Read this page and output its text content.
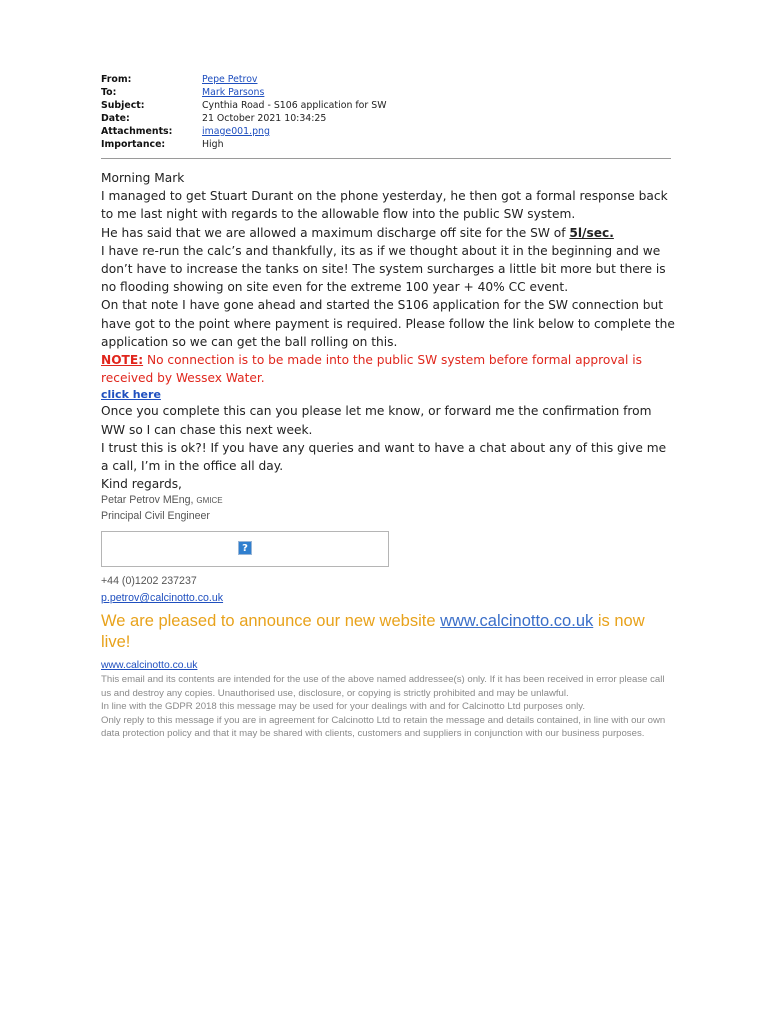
From:	Pepe Petrov
To:	Mark Parsons
Subject:	Cynthia Road - S106 application for SW
Date:	21 October 2021 10:34:25
Attachments:	image001.png
Importance:	High

Morning Mark

I managed to get Stuart Durant on the phone yesterday, he then got a formal response back to me last night with regards to the allowable flow into the public SW system.

He has said that we are allowed a maximum discharge off site for the SW of 5l/sec.

I have re-run the calc’s and thankfully, its as if we thought about it in the beginning and we don’t have to increase the tanks on site! The system surcharges a little bit more but there is no flooding showing on site even for the extreme 100 year + 40% CC event.

On that note I have gone ahead and started the S106 application for the SW connection but have got to the point where payment is required. Please follow the link below to complete the application so we can get the ball rolling on this.

NOTE: No connection is to be made into the public SW system before formal approval is received by Wessex Water.

click here

Once you complete this can you please let me know, or forward me the confirmation from WW so I can chase this next week.

I trust this is ok?! If you have any queries and want to have a chat about any of this give me a call, I’m in the office all day.

Kind regards,

Petar Petrov MEng, GMICE
Principal Civil Engineer
?
+44 (0)1202 237237
p.petrov@calcinotto.co.uk
We are pleased to announce our new website www.calcinotto.co.uk is now live!
www.calcinotto.co.uk
This email and its contents are intended for the use of the above named addressee(s) only. If it has been received in error please call us and destroy any copies. Unauthorised use, disclosure, or copying is strictly prohibited and may be unlawful.
In line with the GDPR 2018 this message may be used for your dealings with and for Calcinotto Ltd purposes only.
Only reply to this message if you are in agreement for Calcinotto Ltd to retain the message and details contained, in line with our own data protection policy and that it may be shared with clients, customers and suppliers in conjunction with our business purposes.
